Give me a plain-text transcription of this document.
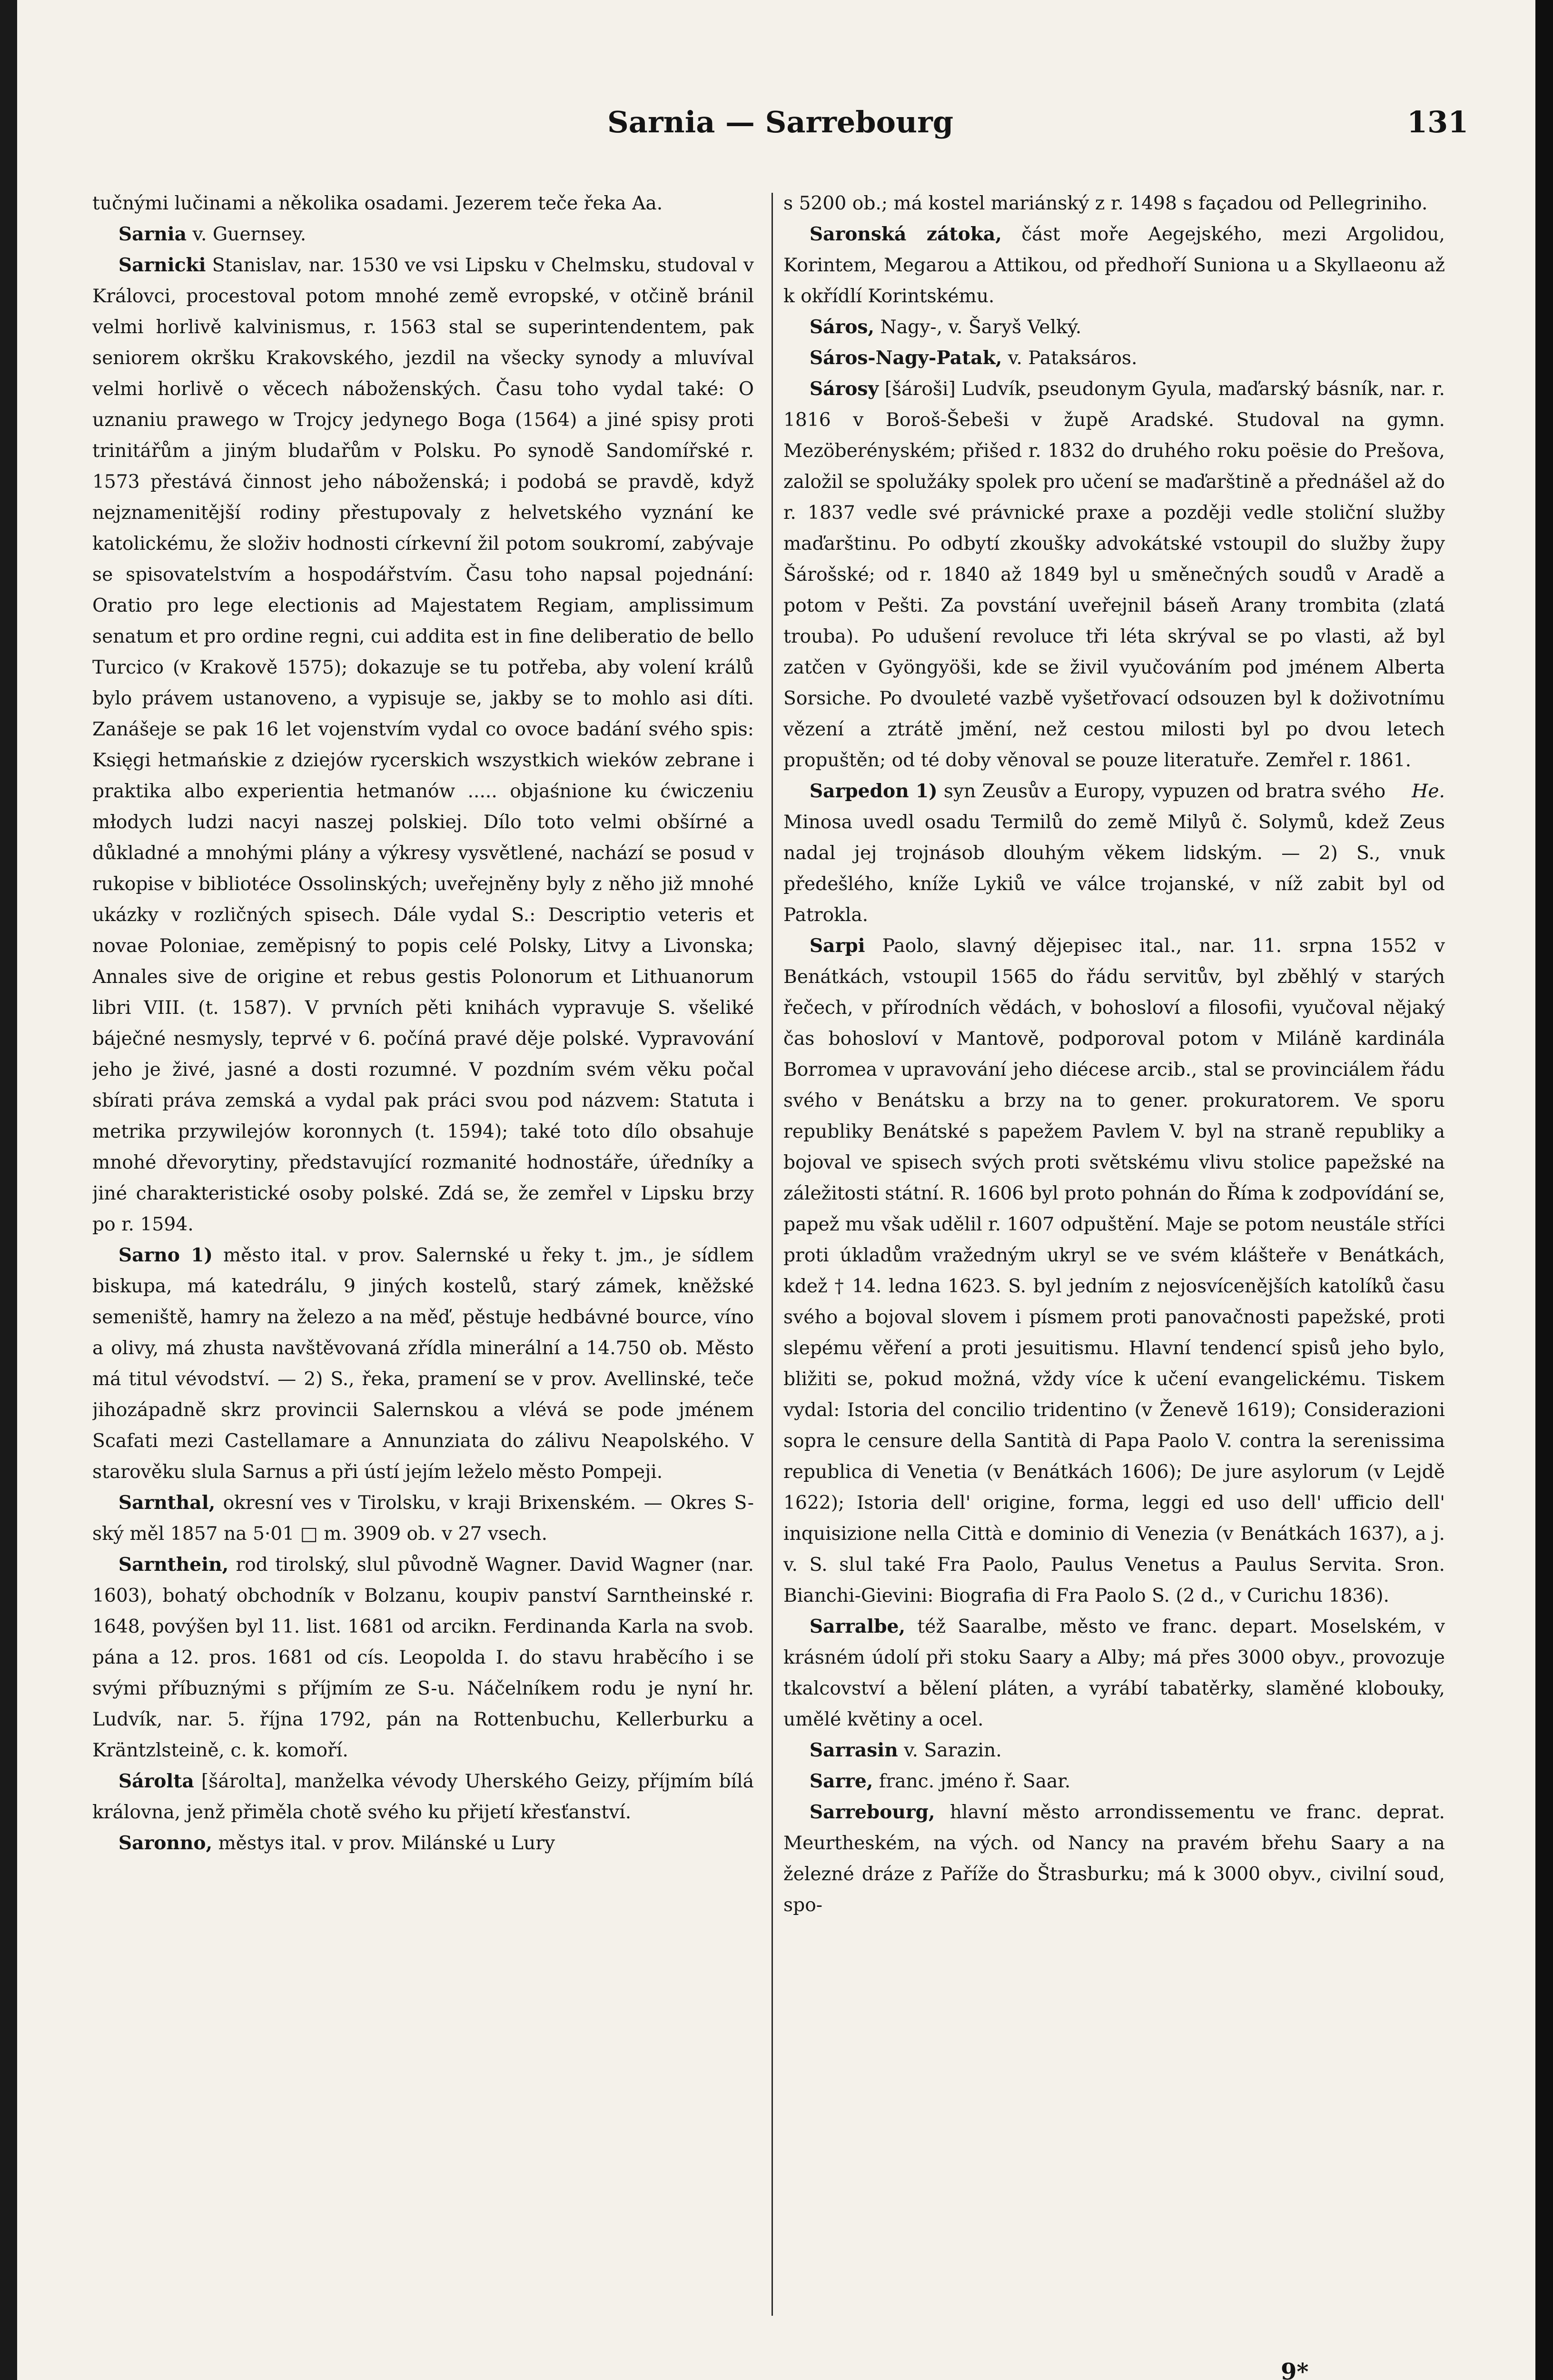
Sarnia — Sarrebourg	131

tučnými lučinami a několika osadami. Jezerem teče řeka Aa.

Sarnia v. Guernsey.

Sarnicki Stanislav, nar. 1530 ve vsi Lipsku v Chelmsku, studoval v Královci, procestoval potom mnohé země evropské, v otčině bránil velmi horlivě kalvinismus, r. 1563 stal se superintendentem, pak seniorem okršku Krakovského, jezdil na všecky synody a mluvíval velmi horlivě o věcech náboženských. Času toho vydal také: O uznaniu prawego w Trojcy jedynego Boga (1564) a jiné spisy proti trinitářům a jiným bludařům v Polsku. Po synodě Sandomířské r. 1573 přestává činnost jeho náboženská; i podobá se pravdě, když nejznamenitější rodiny přestupovaly z helvetského vyznání ke katolickému, že složiv hodnosti církevní žil potom soukromí, zabývaje se spisovatelstvím a hospodářstvím. Času toho napsal pojednání: Oratio pro lege electionis ad Majestatem Regiam, amplissimum senatum et pro ordine regni, cui addita est in fine deliberatio de bello Turcico (v Krakově 1575); dokazuje se tu potřeba, aby volení králů bylo právem ustanoveno, a vypisuje se, jakby se to mohlo asi díti. Zanášeje se pak 16 let vojenstvím vydal co ovoce badání svého spis: Księgi hetmańskie z dziejów rycerskich wszystkich wieków zebrane i praktika albo experientia hetmanów ..... objaśnione ku ćwiczeniu młodych ludzi nacyi naszej polskiej. Dílo toto velmi obšírné a důkladné a mnohými plány a výkresy vysvětlené, nachází se posud v rukopise v bibliotéce Ossolinských; uveřejněny byly z něho již mnohé ukázky v rozličných spisech. Dále vydal S.: Descriptio veteris et novae Poloniae, zeměpisný to popis celé Polsky, Litvy a Livonska; Annales sive de origine et rebus gestis Polonorum et Lithuanorum libri VIII. (t. 1587). V prvních pěti knihách vypravuje S. všeliké báječné nesmysly, teprvé v 6. počíná pravé děje polské. Vypravování jeho je živé, jasné a dosti rozumné. V pozdním svém věku počal sbírati práva zemská a vydal pak práci svou pod názvem: Statuta i metrika przywilejów koronnych (t. 1594); také toto dílo obsahuje mnohé dřevorytiny, představující rozmanité hodnostáře, úředníky a jiné charakteristické osoby polské. Zdá se, že zemřel v Lipsku brzy po r. 1594.

Sarno 1) město ital. v prov. Salernské u řeky t. jm., je sídlem biskupa, má katedrálu, 9 jiných kostelů, starý zámek, kněžské semeniště, hamry na železo a na měď, pěstuje hedbávné bource, víno a olivy, má zhusta navštěvovaná zřídla minerální a 14.750 ob. Město má titul vévodství. — 2) S., řeka, pramení se v prov. Avellinské, teče jihozápadně skrz provincii Salernskou a vlévá se pode jménem Scafati mezi Castellamare a Annunziata do zálivu Neapolského. V starověku slula Sarnus a při ústí jejím leželo město Pompeji.

Sarnthal, okresní ves v Tirolsku, v kraji Brixenském. — Okres S-ský měl 1857 na 5·01 □ m. 3909 ob. v 27 vsech.

Sarnthein, rod tirolský, slul původně Wagner. David Wagner (nar. 1603), bohatý obchodník v Bolzanu, koupiv panství Sarntheinské r. 1648, povýšen byl 11. list. 1681 od arcikn. Ferdinanda Karla na svob. pána a 12. pros. 1681 od cís. Leopolda I. do stavu hraběcího i se svými příbuznými s příjmím ze S-u. Náčelníkem rodu je nyní hr. Ludvík, nar. 5. října 1792, pán na Rottenbuchu, Kellerburku a Kräntzlsteině, c. k. komoří.

Sárolta [šárolta], manželka vévody Uherského Geizy, příjmím bílá královna, jenž přiměla chotě svého ku přijetí křesťanství.

Saronno, městys ital. v prov. Milánské u Lury

s 5200 ob.; má kostel mariánský z r. 1498 s façadou od Pellegriniho.

Saronská zátoka, část moře Aegejského, mezi Argolidou, Korintem, Megarou a Attikou, od předhoří Suniona u a Skyllaeonu až k okřídlí Korintskému.

Sáros, Nagy-, v. Šaryš Velký.

Sáros-Nagy-Patak, v. Pataksáros.

Sárosy [šároši] Ludvík, pseudonym Gyula, maďarský básník, nar. r. 1816 v Boroš-Šebeši v župě Aradské. Studoval na gymn. Mezöberényském; přišed r. 1832 do druhého roku poësie do Prešova, založil se spolužáky spolek pro učení se maďarštině a přednášel až do r. 1837 vedle své právnické praxe a později vedle stoliční služby maďarštinu. Po odbytí zkoušky advokátské vstoupil do služby župy Šárošské; od r. 1840 až 1849 byl u směnečných soudů v Aradě a potom v Pešti. Za povstání uveřejnil báseň Arany trombita (zlatá trouba). Po udušení revoluce tři léta skrýval se po vlasti, až byl zatčen v Gyöngyöši, kde se živil vyučováním pod jménem Alberta Sorsiche. Po dvouleté vazbě vyšetřovací odsouzen byl k doživotnímu vězení a ztrátě jmění, než cestou milosti byl po dvou letech propuštěn; od té doby věnoval se pouze literatuře. Zemřel r. 1861.
He.

Sarpedon 1) syn Zeusův a Europy, vypuzen od bratra svého Minosa uvedl osadu Termilů do země Milyů č. Solymů, kdež Zeus nadal jej trojnásob dlouhým věkem lidským. — 2) S., vnuk předešlého, kníže Lykiů ve válce trojanské, v níž zabit byl od Patrokla.

Sarpi Paolo, slavný dějepisec ital., nar. 11. srpna 1552 v Benátkách, vstoupil 1565 do řádu servitův, byl zběhlý v starých řečech, v přírodních vědách, v bohosloví a filosofii, vyučoval nějaký čas bohosloví v Mantově, podporoval potom v Miláně kardinála Borromea v upravování jeho diécese arcib., stal se provinciálem řádu svého v Benátsku a brzy na to gener. prokuratorem. Ve sporu republiky Benátské s papežem Pavlem V. byl na straně republiky a bojoval ve spisech svých proti světskému vlivu stolice papežské na záležitosti státní. R. 1606 byl proto pohnán do Říma k zodpovídání se, papež mu však udělil r. 1607 odpuštění. Maje se potom neustále stříci proti úkladům vražedným ukryl se ve svém klášteře v Benátkách, kdež † 14. ledna 1623. S. byl jedním z nejosvícenějších katolíků času svého a bojoval slovem i písmem proti panovačnosti papežské, proti slepému věření a proti jesuitismu. Hlavní tendencí spisů jeho bylo, bližiti se, pokud možná, vždy více k učení evangelickému. Tiskem vydal: Istoria del concilio tridentino (v Ženevě 1619); Considerazioni sopra le censure della Santità di Papa Paolo V. contra la serenissima republica di Venetia (v Benátkách 1606); De jure asylorum (v Lejdě 1622); Istoria dell' origine, forma, leggi ed uso dell' ufficio dell' inquisizione nella Città e dominio di Venezia (v Benátkách 1637), a j. v. S. slul také Fra Paolo, Paulus Venetus a Paulus Servita. Sron. Bianchi-Gievini: Biografia di Fra Paolo S. (2 d., v Curichu 1836).

Sarralbe, též Saaralbe, město ve franc. depart. Moselském, v krásném údolí při stoku Saary a Alby; má přes 3000 obyv., provozuje tkalcovství a bělení pláten, a vyrábí tabatěrky, slaměné klobouky, umělé květiny a ocel.

Sarrasin v. Sarazin.

Sarre, franc. jméno ř. Saar.

Sarrebourg, hlavní město arrondissementu ve franc. deprat. Meurtheském, na vých. od Nancy na pravém břehu Saary a na železné dráze z Paříže do Štrasburku; má k 3000 obyv., civilní soud, spo-

9*
